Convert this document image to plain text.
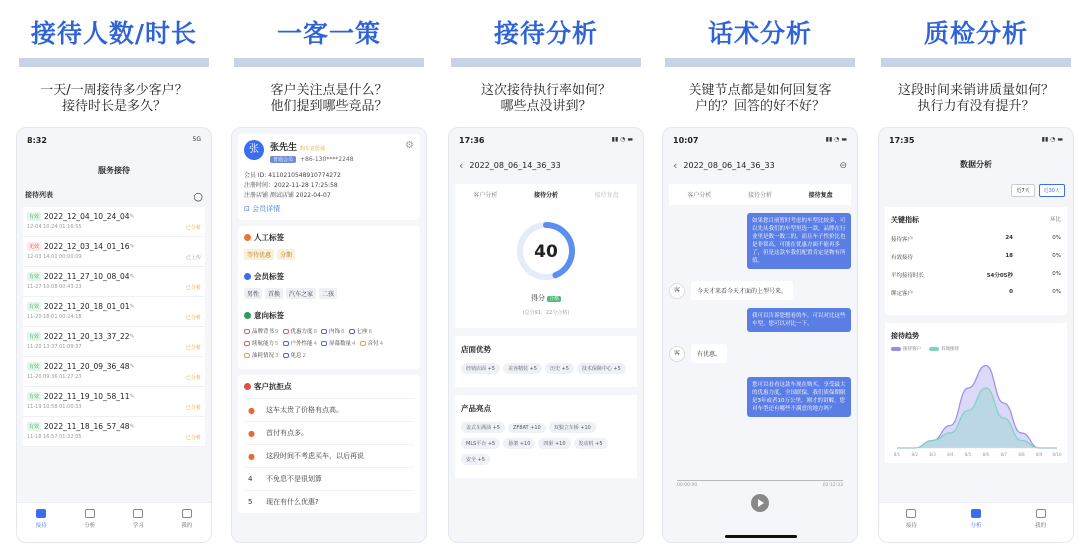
接待人数/时长
一天/一周接待多少客户？
接待时长是多久？
8:32	5G
服务接待
接待列表	○
有效 2022_12_04_10_24_04 ✎
12-04 10:24 01:16:55	已分析
无效 2022_12_03_14_01_16 ✎
12-03 14:01 00:00:09	已上传
有效 2022_11_27_10_08_04 ✎
11-27 10:08 00:43:23	已分析
有效 2022_11_20_18_01_01 ✎
11-20 18:01 00:24:18	已分析
有效 2022_11_20_13_37_22 ✎
11-20 13:37 01:09:37	已分析
有效 2022_11_20_09_36_48 ✎
11-20 09:36 01:27:23	已分析
有效 2022_11_19_10_58_11 ✎
11-19 10:58 01:00:33	已分析
有效 2022_11_18_16_57_48 ✎
11-18 16:57 01:32:05	已分析
接待	分析	学习	我的
一客一策
客户关注点是什么？
他们提到哪些竞品？
张	张先生 购车意愿强
普通会员 +86-130****2248
⚙
会员 ID: 4110210548910774272
注册时间：2022-11-28 17:25:58
注册店铺 测试店铺 2022-04-07
⊡ 会员详情
人工标签
等待优惠 分期
会员标签
男性 首换 汽车之家 二孩
意向标签
品牌背书9 优惠力度8 内饰8 七座6续航能力5 户外性能4 屏幕数量4 音付4油耗情况3 免息2
客户抗拒点
●	这车太贵了价格有点高。
●	首付有点多。
●	这段时间不考虑买车，以后再说
4	不免息不是很划算
5	现在有什么优惠?
接待分析
这次接待执行率如何？
哪些点没讲到？
17:36	▮▮ ◔ ▬
‹ 2022_08_06_14_36_33
客户分析	接待分析	接待复盘
40
得分 合格
(总分91，22分合格)
店面优势
经销店面 +5	美容精装 +5	历史 +5	技术保障中心 +5
产品亮点
盖式车满油 +5	ZF8AT +10	双独立车桥 +10MLS平台 +5	悬架 +10	四驱 +10	发动机 +5安全 +5
话术分析
关键节点都是如何回复客
户的？回答的好不好？
10:07	▮▮ ◔ ▬
‹ 2022_08_06_14_36_33	⊖
客户分析	接待分析	接待复盘
如果您目前暂时考虑的车型比较多，可以先从我们的车型里选一款，品牌在行业里是数一数二的，而且车子性价比也是非常高，可能在优惠方面不能再多了，但是这款车我们配置肯定是物有所值。
客	今天才来看今天才面的上型号来。
我可以告诉您想看的车，可以对比这些车型，您可以对比一下。
客	有优惠。
您可以看看这款车现在购买，享受最大的优惠力度，全国联保，我们质保期限是3年或者10万公里，刚才的讲解，您对车型还有哪些不满意的地方吗？
00:00:00	02:12:33
质检分析
这段时间来销讲质量如何？
执行力有没有提升？
17:35	▮▮ ◔ ▬
数据分析
近7天	近30天
关键指标	环比
接待客户	24	0%
有效接待	18	0%
平均接待时长	54分05秒	0%
绑定客户	0	0%
接待趋势
接待客户	有效接待
8/1	8/2	8/3	8/4	8/5	8/6	8/7	8/8	8/9	8/10
接待	分析	我的
